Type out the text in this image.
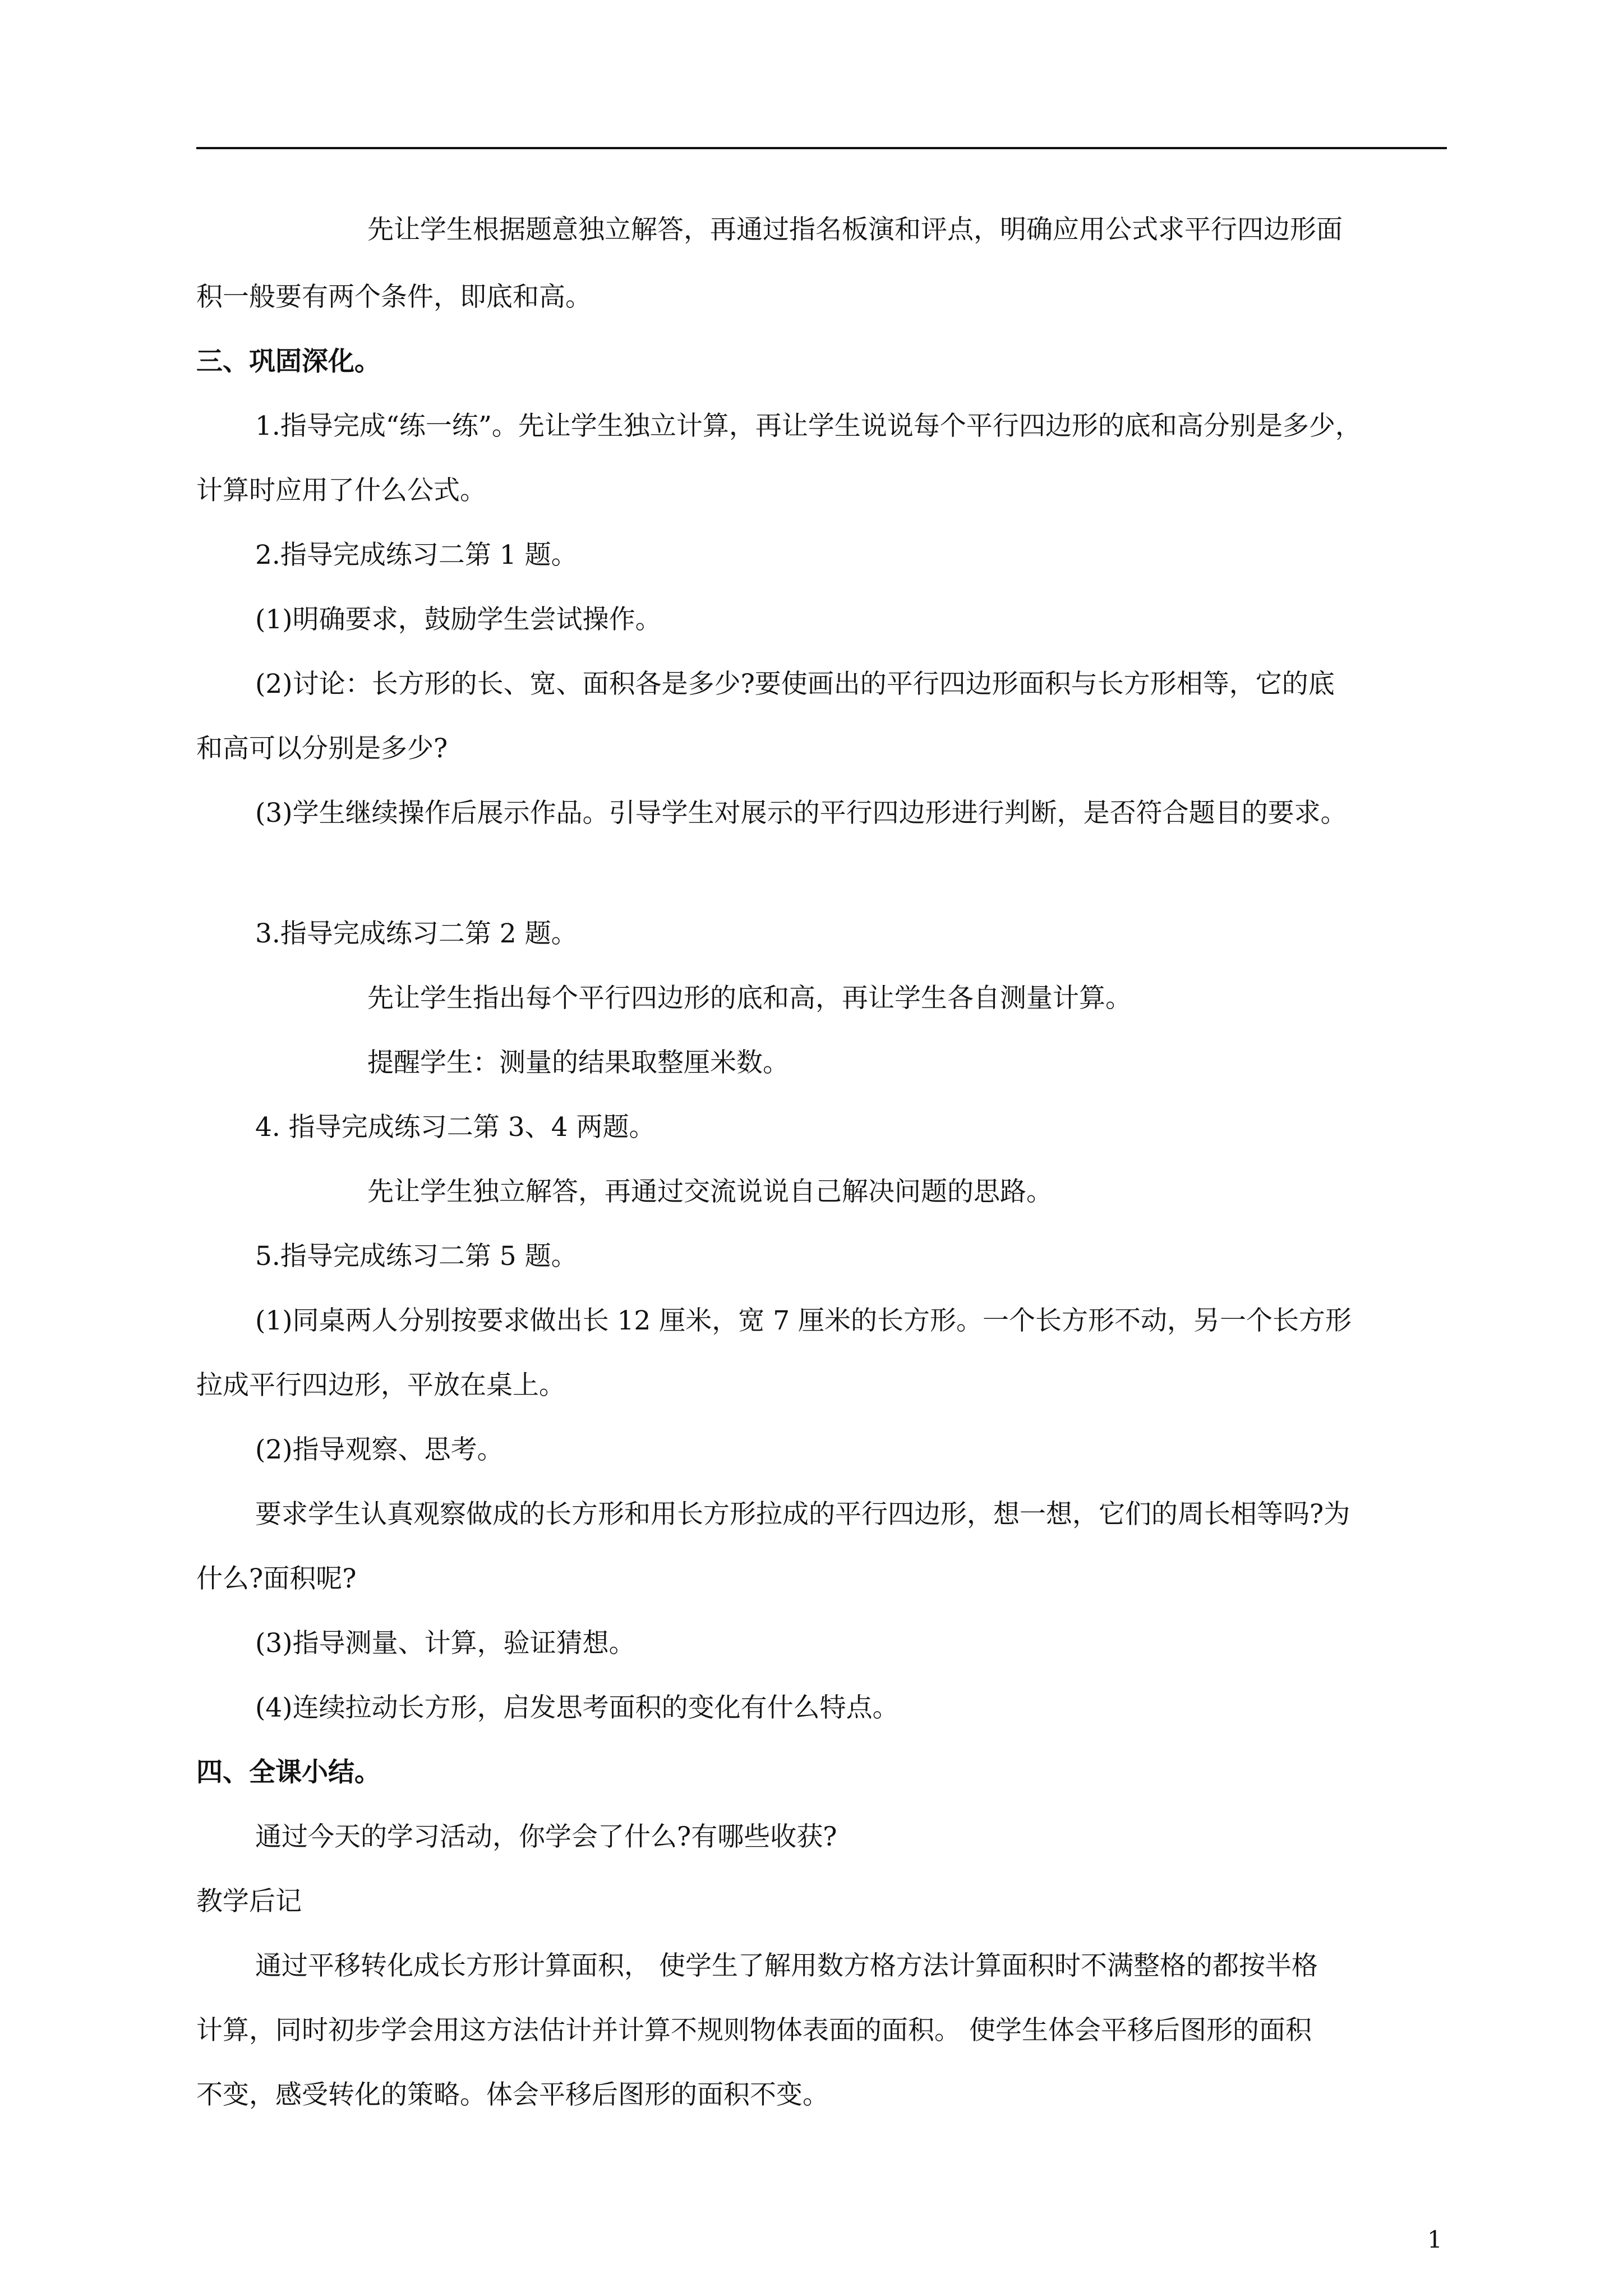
先让学生根据题意独立解答，再通过指名板演和评点，明确应用公式求平行四边形面
积一般要有两个条件，即底和高。
三、巩固深化。
1.指导完成“练一练”。先让学生独立计算，再让学生说说每个平行四边形的底和高分别是多少，
计算时应用了什么公式。
2.指导完成练习二第 1 题。
(1)明确要求，鼓励学生尝试操作。
(2)讨论：长方形的长、宽、面积各是多少?要使画出的平行四边形面积与长方形相等，它的底
和高可以分别是多少?
(3)学生继续操作后展示作品。引导学生对展示的平行四边形进行判断，是否符合题目的要求。
3.指导完成练习二第 2 题。
先让学生指出每个平行四边形的底和高，再让学生各自测量计算。
提醒学生：测量的结果取整厘米数。
4. 指导完成练习二第 3、4 两题。
先让学生独立解答，再通过交流说说自己解决问题的思路。
5.指导完成练习二第 5 题。
(1)同桌两人分别按要求做出长 12 厘米，宽 7 厘米的长方形。一个长方形不动，另一个长方形
拉成平行四边形，平放在桌上。
(2)指导观察、思考。
要求学生认真观察做成的长方形和用长方形拉成的平行四边形，想一想，它们的周长相等吗?为
什么?面积呢?
(3)指导测量、计算，验证猜想。
(4)连续拉动长方形，启发思考面积的变化有什么特点。
四、全课小结。
通过今天的学习活动，你学会了什么?有哪些收获?
教学后记
通过平移转化成长方形计算面积， 使学生了解用数方格方法计算面积时不满整格的都按半格
计算，同时初步学会用这方法估计并计算不规则物体表面的面积。 使学生体会平移后图形的面积
不变，感受转化的策略。体会平移后图形的面积不变。
1
